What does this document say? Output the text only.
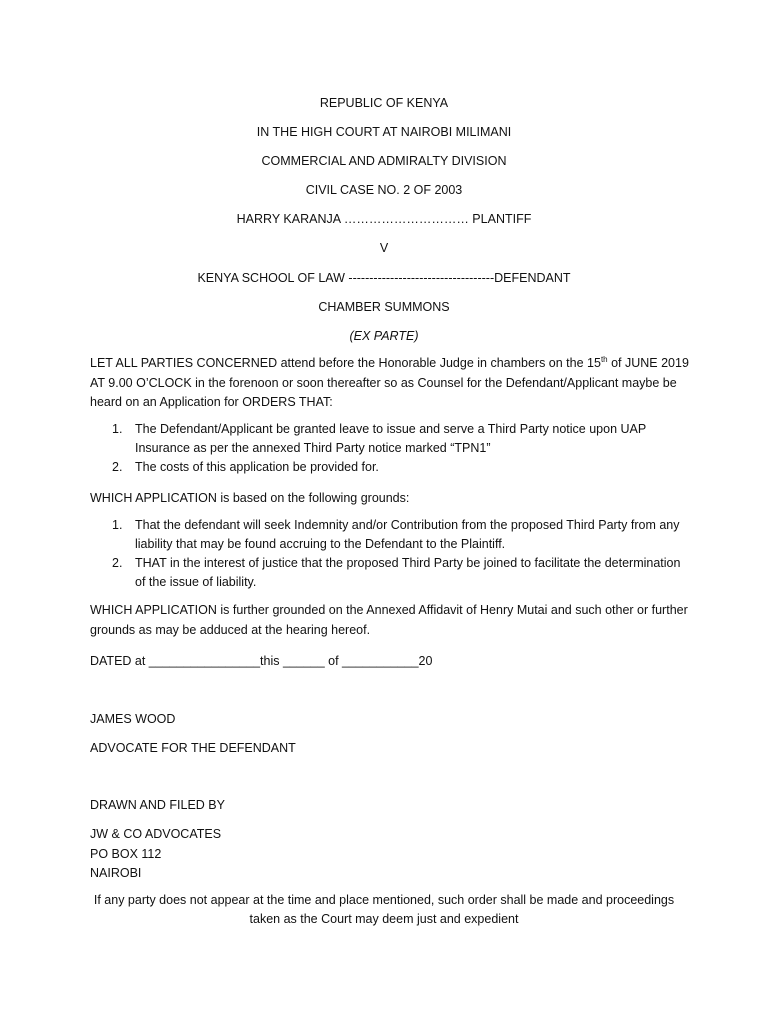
REPUBLIC OF KENYA
IN THE HIGH COURT AT NAIROBI MILIMANI
COMMERCIAL AND ADMIRALTY DIVISION
CIVIL CASE NO. 2 OF 2003
HARRY KARANJA ………………………… PLANTIFF
V
KENYA SCHOOL OF LAW -----------------------------------DEFENDANT
CHAMBER SUMMONS
(EX PARTE)
LET ALL PARTIES CONCERNED attend before the Honorable Judge in chambers on the 15th of JUNE 2019 AT 9.00 O’CLOCK in the forenoon or soon thereafter so as Counsel for the Defendant/Applicant maybe be heard on an Application for ORDERS THAT:
1.	The Defendant/Applicant be granted leave to issue and serve a Third Party notice upon UAP Insurance as per the annexed Third Party notice marked “TPN1”
2.	The costs of this application be provided for.
WHICH APPLICATION is based on the following grounds:
1.	That the defendant will seek Indemnity and/or Contribution from the proposed Third Party from any liability that may be found accruing to the Defendant to the Plaintiff.
2.	THAT in the interest of justice that the proposed Third Party be joined to facilitate the determination of the issue of liability.
WHICH APPLICATION is further grounded on the Annexed Affidavit of Henry Mutai and such other or further grounds as may be adduced at the hearing hereof.
DATED at ________________this ______ of ___________20
JAMES WOOD
ADVOCATE FOR THE DEFENDANT
DRAWN AND FILED BY
JW & CO ADVOCATES
PO BOX 112
NAIROBI
If any party does not appear at the time and place mentioned, such order shall be made and proceedings taken as the Court may deem just and expedient
